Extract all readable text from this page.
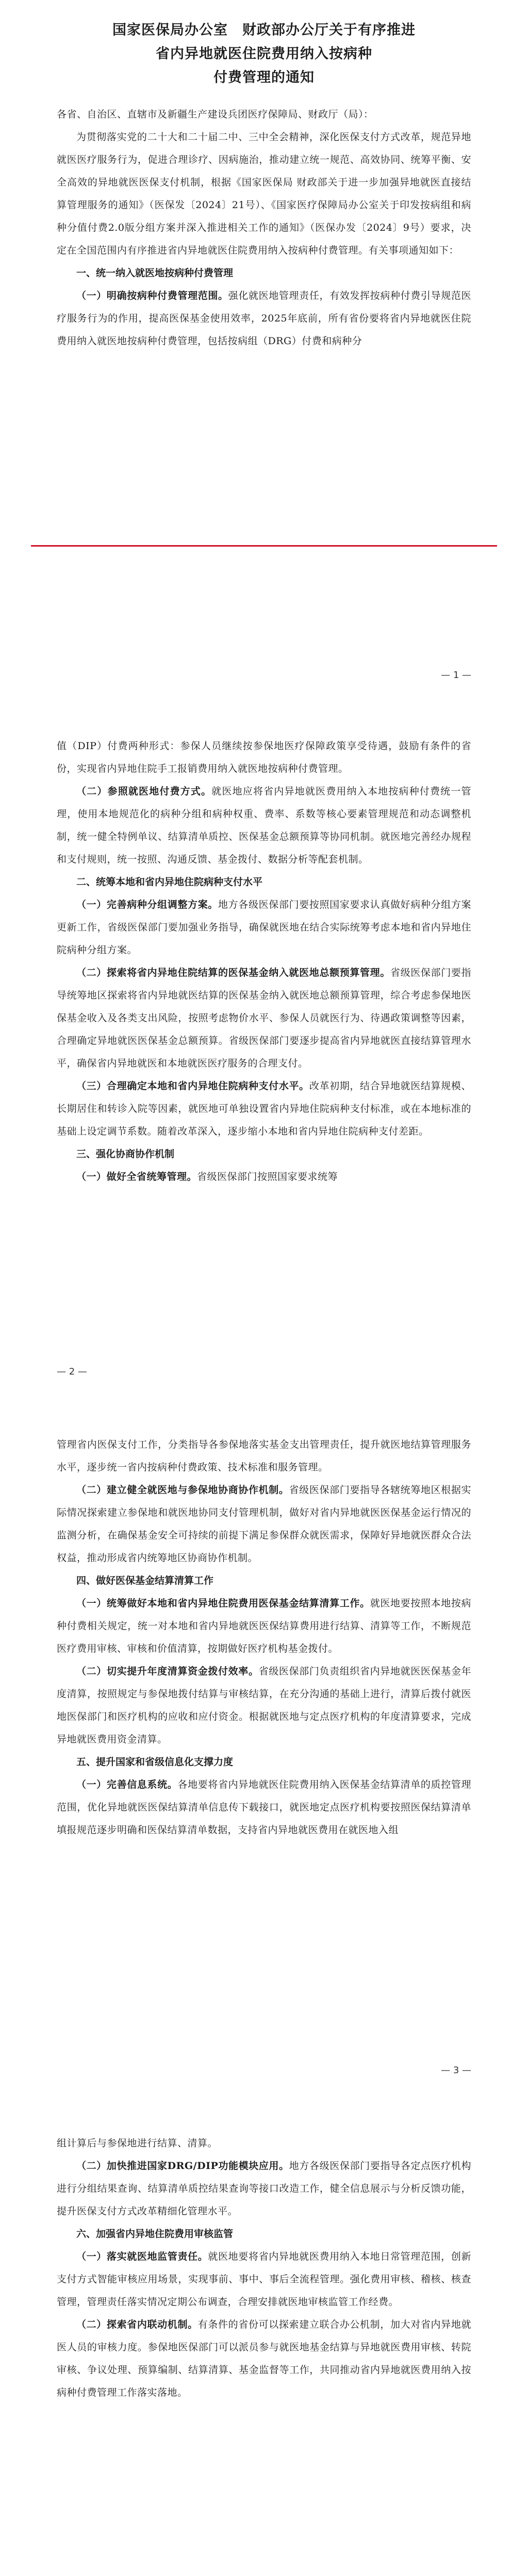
国家医保局办公室　财政部办公厅关于有序推进
省内异地就医住院费用纳入按病种
付费管理的通知

各省、自治区、直辖市及新疆生产建设兵团医疗保障局、财政厅（局）：

为贯彻落实党的二十大和二十届二中、三中全会精神，深化医保支付方式改革，规范异地就医医疗服务行为，促进合理诊疗、因病施治，推动建立统一规范、高效协同、统筹平衡、安全高效的异地就医医保支付机制，根据《国家医保局 财政部关于进一步加强异地就医直接结算管理服务的通知》（医保发〔2024〕21号）、《国家医疗保障局办公室关于印发按病组和病种分值付费2.0版分组方案并深入推进相关工作的通知》（医保办发〔2024〕9号）要求，决定在全国范围内有序推进省内异地就医住院费用纳入按病种付费管理。有关事项通知如下：

一、统一纳入就医地按病种付费管理

（一）明确按病种付费管理范围。强化就医地管理责任，有效发挥按病种付费引导规范医疗服务行为的作用，提高医保基金使用效率，2025年底前，所有省份要将省内异地就医住院费用纳入就医地按病种付费管理，包括按病组（DRG）付费和病种分

— 1 —

值（DIP）付费两种形式：参保人员继续按参保地医疗保障政策享受待遇，鼓励有条件的省份，实现省内异地住院手工报销费用纳入就医地按病种付费管理。

（二）参照就医地付费方式。就医地应将省内异地就医费用纳入本地按病种付费统一管理，使用本地规范化的病种分组和病种权重、费率、系数等核心要素管理规范和动态调整机制，统一健全特例单议、结算清单质控、医保基金总额预算等协同机制。就医地完善经办规程和支付规则，统一按照、沟通反馈、基金拨付、数据分析等配套机制。

二、统筹本地和省内异地住院病种支付水平

（一）完善病种分组调整方案。地方各级医保部门要按照国家要求认真做好病种分组方案更新工作，省级医保部门要加强业务指导，确保就医地在结合实际统筹考虑本地和省内异地住院病种分组方案。

（二）探索将省内异地住院结算的医保基金纳入就医地总额预算管理。省级医保部门要指导统筹地区探索将省内异地就医结算的医保基金纳入就医地总额预算管理，综合考虑参保地医保基金收入及各类支出风险，按照考虑物价水平、参保人员就医行为、待遇政策调整等因素，合理确定异地就医医保基金总额预算。省级医保部门要逐步提高省内异地就医直接结算管理水平，确保省内异地就医和本地就医医疗服务的合理支付。

（三）合理确定本地和省内异地住院病种支付水平。改革初期，结合异地就医结算规模、长期居住和转诊入院等因素，就医地可单独设置省内异地住院病种支付标准，或在本地标准的基础上设定调节系数。随着改革深入，逐步缩小本地和省内异地住院病种支付差距。

三、强化协商协作机制

（一）做好全省统筹管理。省级医保部门按照国家要求统筹

— 2 —

管理省内医保支付工作，分类指导各参保地落实基金支出管理责任，提升就医地结算管理服务水平，逐步统一省内按病种付费政策、技术标准和服务管理。

（二）建立健全就医地与参保地协商协作机制。省级医保部门要指导各辖统筹地区根据实际情况探索建立参保地和就医地协同支付管理机制，做好对省内异地就医医保基金运行情况的监测分析，在确保基金安全可持续的前提下满足参保群众就医需求，保障好异地就医群众合法权益，推动形成省内统筹地区协商协作机制。

四、做好医保基金结算清算工作

（一）统筹做好本地和省内异地住院费用医保基金结算清算工作。就医地要按照本地按病种付费相关规定，统一对本地和省内异地就医医保结算费用进行结算、清算等工作，不断规范医疗费用审核、审核和价值清算，按期做好医疗机构基金拨付。

（二）切实提升年度清算资金拨付效率。省级医保部门负责组织省内异地就医医保基金年度清算，按照规定与参保地拨付结算与审核结算，在充分沟通的基础上进行，清算后拨付就医地医保部门和医疗机构的应收和应付资金。根据就医地与定点医疗机构的年度清算要求，完成异地就医费用资金清算。

五、提升国家和省级信息化支撑力度

（一）完善信息系统。各地要将省内异地就医住院费用纳入医保基金结算清单的质控管理范围，优化异地就医医保结算清单信息传下载接口，就医地定点医疗机构要按照医保结算清单填报规范逐步明确和医保结算清单数据，支持省内异地就医费用在就医地入组

— 3 —

组计算后与参保地进行结算、清算。

（二）加快推进国家DRG/DIP功能模块应用。地方各级医保部门要指导各定点医疗机构进行分组结果查询、结算清单质控结果查询等接口改造工作，健全信息展示与分析反馈功能，提升医保支付方式改革精细化管理水平。

六、加强省内异地住院费用审核监管

（一）落实就医地监管责任。就医地要将省内异地就医费用纳入本地日常管理范围，创新支付方式智能审核应用场景，实现事前、事中、事后全流程管理。强化费用审核、稽核、核查管理，管理责任落实情况定期公布调查，合理安排就医地审核监管工作经费。

（二）探索省内联动机制。有条件的省份可以探索建立联合办公机制，加大对省内异地就医人员的审核力度。参保地医保部门可以派员参与就医地基金结算与异地就医费用审核、转院审核、争议处理、预算编制、结算清算、基金监督等工作，共同推动省内异地就医费用纳入按病种付费管理工作落实落地。
